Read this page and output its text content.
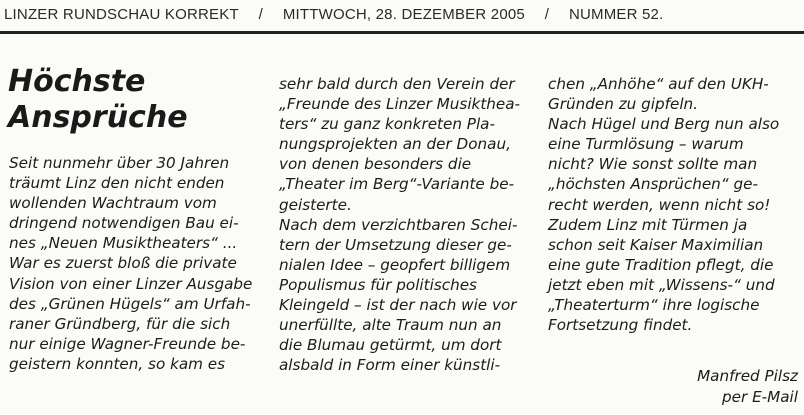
LINZER RUNDSCHAU KORREKT / MITTWOCH, 28. DEZEMBER 2005 / NUMMER 52.
Höchste
Ansprüche
Seit nunmehr über 30 Jahren
träumt Linz den nicht enden
wollenden Wachtraum vom
dringend notwendigen Bau ei-
nes „Neuen Musiktheaters“ ...
War es zuerst bloß die private
Vision von einer Linzer Ausgabe
des „Grünen Hügels“ am Urfah-
raner Gründberg, für die sich
nur einige Wagner-Freunde be-
geistern konnten, so kam es
sehr bald durch den Verein der
„Freunde des Linzer Musikthea-
ters“ zu ganz konkreten Pla-
nungsprojekten an der Donau,
von denen besonders die
„Theater im Berg“-Variante be-
geisterte.
Nach dem verzichtbaren Schei-
tern der Umsetzung dieser ge-
nialen Idee – geopfert billigem
Populismus für politisches
Kleingeld – ist der nach wie vor
unerfüllte, alte Traum nun an
die Blumau getürmt, um dort
alsbald in Form einer künstli-
chen „Anhöhe“ auf den UKH-
Gründen zu gipfeln.
Nach Hügel und Berg nun also
eine Turmlösung – warum
nicht? Wie sonst sollte man
„höchsten Ansprüchen“ ge-
recht werden, wenn nicht so!
Zudem Linz mit Türmen ja
schon seit Kaiser Maximilian
eine gute Tradition pflegt, die
jetzt eben mit „Wissens-“ und
„Theaterturm“ ihre logische
Fortsetzung findet.
Manfred Pilsz
per E-Mail
